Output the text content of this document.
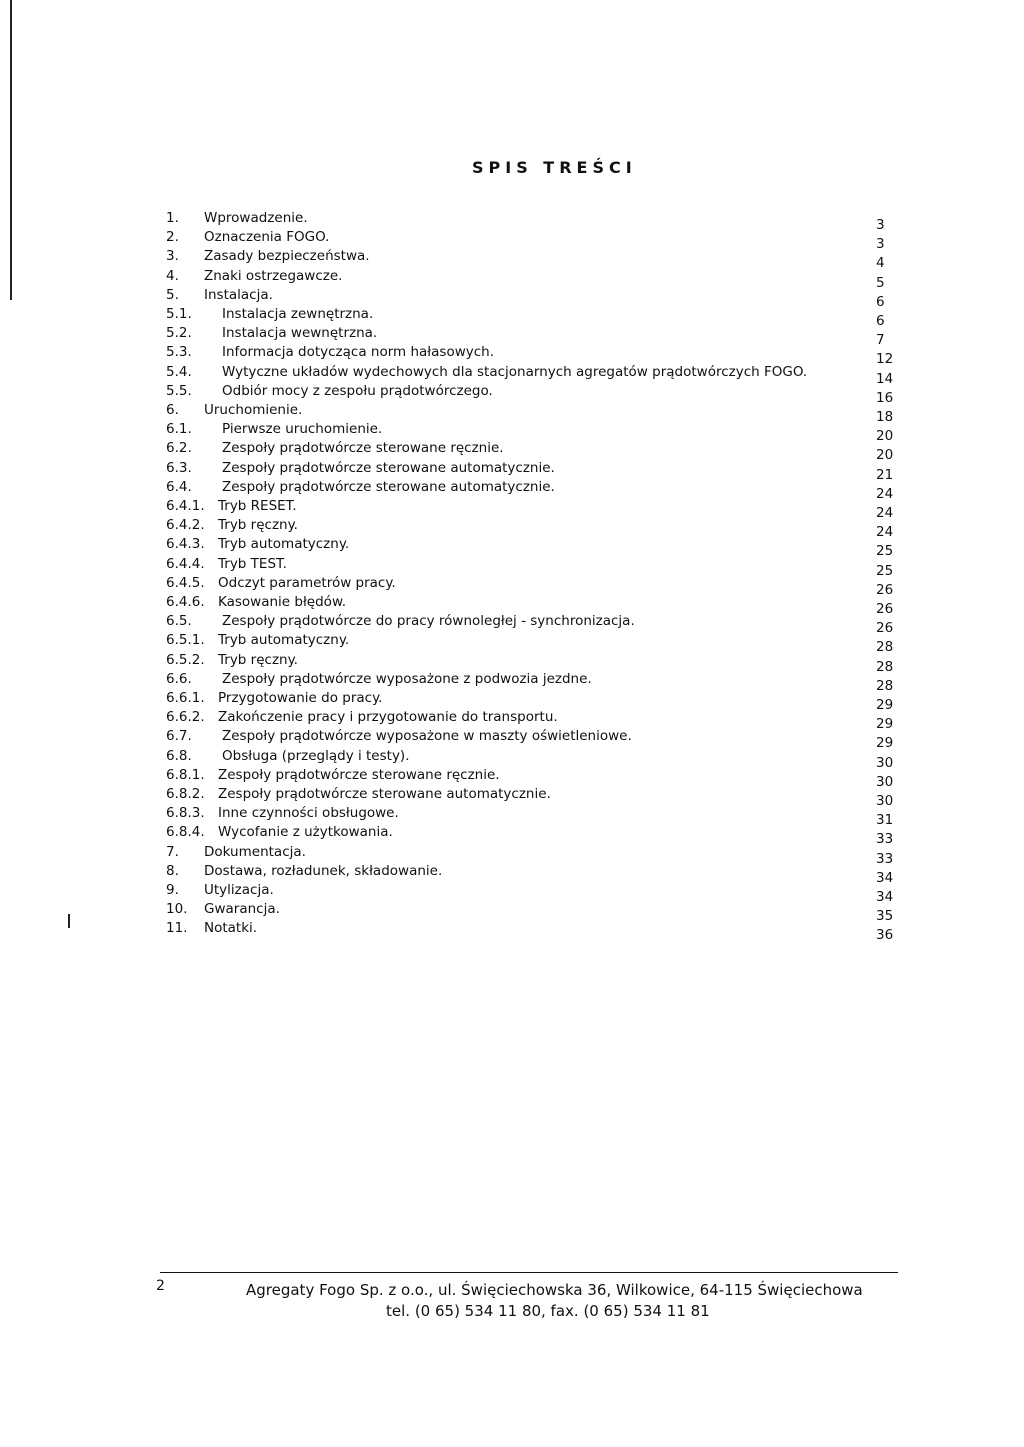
SPIS TREŚCI
1. Wprowadzenie.	3
2. Oznaczenia FOGO.	3
3. Zasady bezpieczeństwa.	4
4. Znaki ostrzegawcze.	5
5. Instalacja.	6
5.1. Instalacja zewnętrzna.	6
5.2. Instalacja wewnętrzna.	7
5.3. Informacja dotycząca norm hałasowych.	12
5.4. Wytyczne układów wydechowych dla stacjonarnych agregatów prądotwórczych FOGO.	14
5.5. Odbiór mocy z zespołu prądotwórczego.	16
6. Uruchomienie.	18
6.1. Pierwsze uruchomienie.	20
6.2. Zespoły prądotwórcze sterowane ręcznie.	20
6.3. Zespoły prądotwórcze sterowane automatycznie.	21
6.4. Zespoły prądotwórcze sterowane automatycznie.	24
6.4.1. Tryb RESET.	24
6.4.2. Tryb ręczny.	24
6.4.3. Tryb automatyczny.	25
6.4.4. Tryb TEST.	25
6.4.5. Odczyt parametrów pracy.	26
6.4.6. Kasowanie błędów.	26
6.5. Zespoły prądotwórcze do pracy równoległej - synchronizacja.	26
6.5.1. Tryb automatyczny.	28
6.5.2. Tryb ręczny.	28
6.6. Zespoły prądotwórcze wyposażone z podwozia jezdne.	28
6.6.1. Przygotowanie do pracy.	29
6.6.2. Zakończenie pracy i przygotowanie do transportu.	29
6.7. Zespoły prądotwórcze wyposażone w maszty oświetleniowe.	29
6.8. Obsługa (przeglądy i testy).	30
6.8.1. Zespoły prądotwórcze sterowane ręcznie.	30
6.8.2. Zespoły prądotwórcze sterowane automatycznie.	30
6.8.3. Inne czynności obsługowe.	31
6.8.4. Wycofanie z użytkowania.	33
7. Dokumentacja.	33
8. Dostawa, rozładunek, składowanie.	34
9. Utylizacja.	34
10. Gwarancja.	35
11. Notatki.	36
2	Agregaty Fogo Sp. z o.o., ul. Święciechowska 36, Wilkowice, 64-115 Święciechowa
tel. (0 65) 534 11 80, fax. (0 65) 534 11 81
